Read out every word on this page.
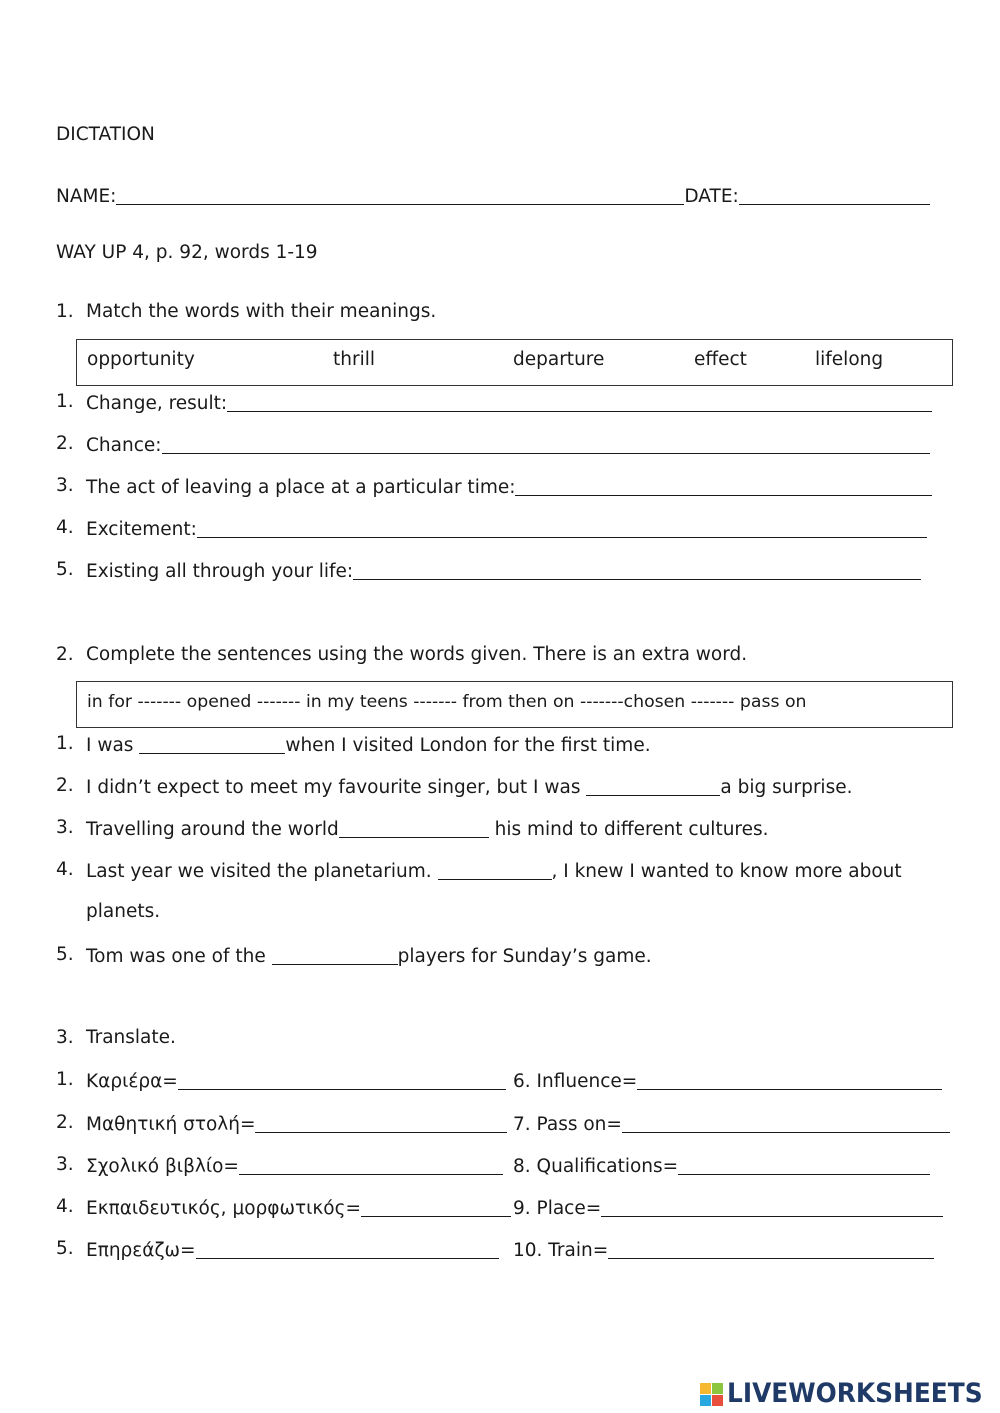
DICTATION
NAME:	DATE:
WAY UP 4, p. 92, words 1-19
1. Match the words with their meanings.
opportunity	thrill	departure	effect	lifelong
1. Change, result:
2. Chance:
3. The act of leaving a place at a particular time:
4. Excitement:
5. Existing all through your life:
2. Complete the sentences using the words given. There is an extra word.
in for ------- opened ------- in my teens ------- from then on -------chosen ------- pass on
1. I was	when I visited London for the first time.
2. I didn’t expect to meet my favourite singer, but I was	a big surprise.
3. Travelling around the world	his mind to different cultures.
4. Last year we visited the planetarium.	, I knew I wanted to know more about
planets.
5. Tom was one of the	players for Sunday’s game.
3. Translate.
1. Καριέρα=	6. Influence=
2. Μαθητική στολή=	7. Pass on=
3. Σχολικό βιβλίο=	8. Qualifications=
4. Εκπαιδευτικός, μορφωτικός=	9. Place=
5. Επηρεάζω=	10. Train=
LIVEWORKSHEETS
